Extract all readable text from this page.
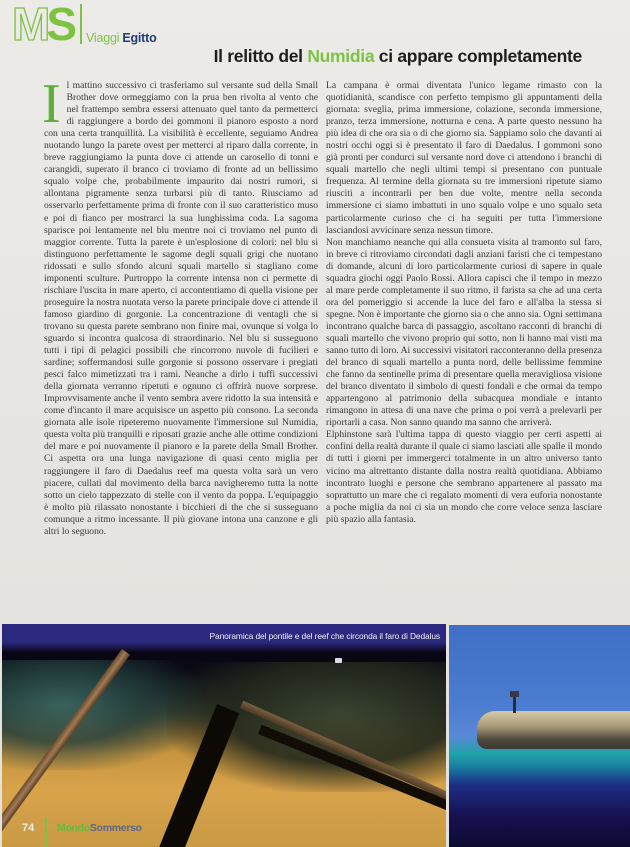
M S Viaggi Egitto
Il relitto del Numidia ci appare completamente
I l mattino successivo ci trasferiamo sul versante sud della Small Brother dove ormeggiamo con la prua ben rivolta al vento che nel frattempo sembra essersi attenuato quel tanto da permetterci di raggiungere a bordo dei gommoni il pianoro esposto a nord con una certa tranquillità. La visibilità è eccellente, seguiamo Andrea nuotando lungo la parete ovest per metterci al riparo dalla corrente, in breve raggiungiamo la punta dove ci attende un carosello di tonni e carangidi, superato il branco ci troviamo di fronte ad un bellissimo squalo volpe che, probabilmente impaurito dai nostri rumori, si allontana pigramente senza turbarsi più di tanto. Riusciamo ad osservarlo perfettamente prima di fronte con il suo caratteristico muso e poi di fianco per mostrarci la sua lunghissima coda. La sagoma sparisce poi lentamente nel blu mentre noi ci troviamo nel punto di maggior corrente. Tutta la parete è un'esplosione di colori: nel blu si distinguono perfettamente le sagome degli squali grigi che nuotano ridossati e sullo sfondo alcuni squali martello si stagliano come imponenti sculture. Purtroppo la corrente intensa non ci permette di rischiare l'uscita in mare aperto, ci accontentiamo di quella visione per proseguire la nostra nuotata verso la parete principale dove ci attende il famoso giardino di gorgonie. La concentrazione di ventagli che si trovano su questa parete sembrano non finire mai, ovunque si volga lo sguardo si incontra qualcosa di straordinario. Nel blu si susseguono tutti i tipi di pelagici possibili che rincorrono nuvole di fucilieri e sardine; soffermandosi sulle gorgonie si possono osservare i pregiati pesci falco mimetizzati tra i rami. Neanche a dirlo i tuffi successivi della giornata verranno ripetuti e ognuno ci offrirà nuove sorprese. Improvvisamente anche il vento sembra avere ridotto la sua intensità e come d'incanto il mare acquisisce un aspetto più consono. La seconda giornata alle isole ripeteremo nuovamente l'immersione sul Numidia, questa volta più tranquilli e riposati grazie anche alle ottime condizioni del mare e poi nuovamente il pianoro e la parete della Small Brother. Ci aspetta ora una lunga navigazione di quasi cento miglia per raggiungere il faro di Daedalus reef ma questa volta sarà un vero piacere, cullati dal movimento della barca navigheremo tutta la notte sotto un cielo tappezzato di stelle con il vento da poppa. L'equipaggio è molto più rilassato nonostante i bicchieri di the che si susseguano comunque a ritmo incessante. Il più giovane intona una canzone e gli altri lo seguono.

La campana è ormai diventata l'unico legame rimasto con la quotidianità, scandisce con perfetto tempismo gli appuntamenti della giornata: sveglia, prima immersione, colazione, seconda immersione, pranzo, terza immersione, notturna e cena. A parte questo nessuno ha più idea di che ora sia o di che giorno sia. Sappiamo solo che davanti ai nostri occhi oggi si è presentato il faro di Daedalus. I gommoni sono già pronti per condurci sul versante nord dove ci attendono i branchi di squali martello che negli ultimi tempi si presentano con puntuale frequenza. Al termine della giornata su tre immersioni ripetute siamo riusciti a incontrarli per ben due volte, mentre nella seconda immersione ci siamo imbattuti in uno squalo volpe e uno squalo seta particolarmente curioso che ci ha seguiti per tutta l'immersione lasciandosi avvicinare senza nessun timore.

Non manchiamo neanche qui alla consueta visita al tramonto sul faro, in breve ci ritroviamo circondati dagli anziani faristi che ci tempestano di domande, alcuni di loro particolarmente curiosi di sapere in quale squadra giochi oggi Paolo Rossi. Allora capisci che il tempo in mezzo al mare perde completamente il suo ritmo, il farista sa che ad una certa ora del pomeriggio si accende la luce del faro e all'alba la stessa si spegne. Non è importante che giorno sia o che anno sia. Ogni settimana incontrano qualche barca di passaggio, ascoltano racconti di branchi di squali martello che vivono proprio qui sotto, non li hanno mai visti ma sanno tutto di loro. Ai successivi visitatori racconteranno della presenza del branco di squali martello a punta nord, delle bellissime femmine che fanno da sentinelle prima di presentare quella meravigliosa visione del branco diventato il simbolo di questi fondali e che ormai da tempo appartengono al patrimonio della subacquea mondiale e intanto rimangono in attesa di una nave che prima o poi verrà a prelevarli per riportarli a casa. Non sanno quando ma sanno che arriverà.

Elphinstone sarà l'ultima tappa di questo viaggio per certi aspetti ai confini della realtà durante il quale ci siamo lasciati alle spalle il mondo di tutti i giorni per immergerci totalmente in un altro universo tanto vicino ma altrettanto distante dalla nostra realtà quotidiana. Abbiamo incontrato luoghi e persone che sembrano appartenere al passato ma soprattutto un mare che ci regalato momenti di vera euforia nonostante a poche miglia da noi ci sia un mondo che corre veloce senza lasciare più spazio alla fantasia.

Panoramica del pontile e del reef che circonda il faro di Dedalus
74 MondoSommerso
